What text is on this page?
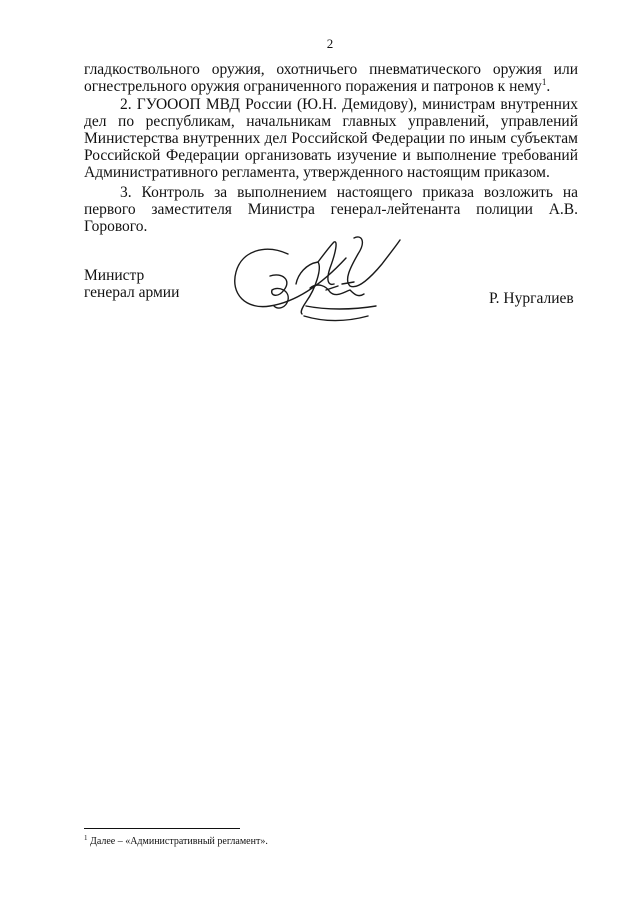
2

гладкоствольного оружия, охотничьего пневматического оружия или огнестрельного оружия ограниченного поражения и патронов к нему$^1$.

2. ГУОООП МВД России (Ю.Н. Демидову), министрам внутренних дел по республикам, начальникам главных управлений, управлений Министерства внутренних дел Российской Федерации по иным субъектам Российской Федерации организовать изучение и выполнение требований Административного регламента, утвержденного настоящим приказом.

3. Контроль за выполнением настоящего приказа возложить на первого заместителя Министра генерал-лейтенанта полиции А.В. Горового.

Министр
генерал армии	Р. Нургалиев
$^1$ Далее – «Административный регламент».
